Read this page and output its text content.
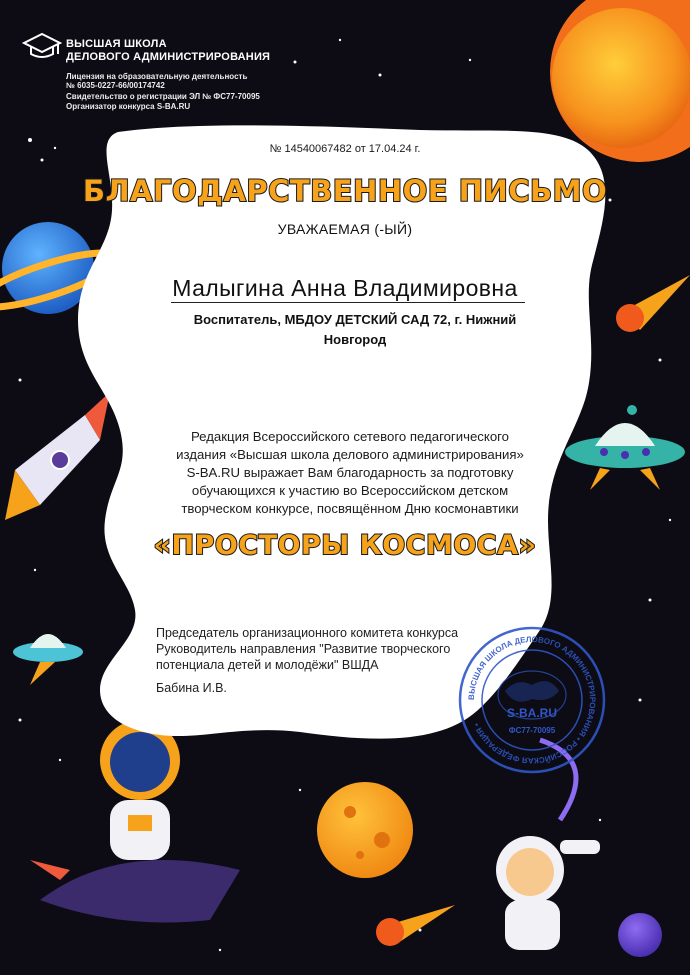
ВЫСШАЯ ШКОЛА

ДЕЛОВОГО АДМИНИСТРИРОВАНИЯ

Лицензия на образовательную деятельность

№ 6035-0227-66/00174742

Свидетельство о регистрации ЭЛ № ФС77-70095

Организатор конкурса S-BA.RU

№ 14540067482 от 17.04.24 г.

БЛАГОДАРСТВЕННОЕ ПИСЬМО

УВАЖАЕМАЯ (-ЫЙ)

Малыгина Анна Владимировна

Воспитатель, МБДОУ ДЕТСКИЙ САД 72, г. Нижний
Новгород
Редакция Всероссийского сетевого педагогического
издания «Высшая школа делового администрирования»
S-BA.RU выражает Вам благодарность за подготовку
обучающихся к участию во Всероссийском детском
творческом конкурсе, посвящённом Дню космонавтики

«ПРОСТОРЫ КОСМОСА»

Председатель организационного комитета конкурса

Руководитель направления "Развитие творческого

потенциала детей и молодёжи" ВШДА

Бабина И.В.

ВЫСШАЯ ШКОЛА ДЕЛОВОГО АДМИНИСТРИРОВАНИЯ • РОССИЙСКАЯ ФЕДЕРАЦИЯ •
S-BA.RU
ФС77-70095
